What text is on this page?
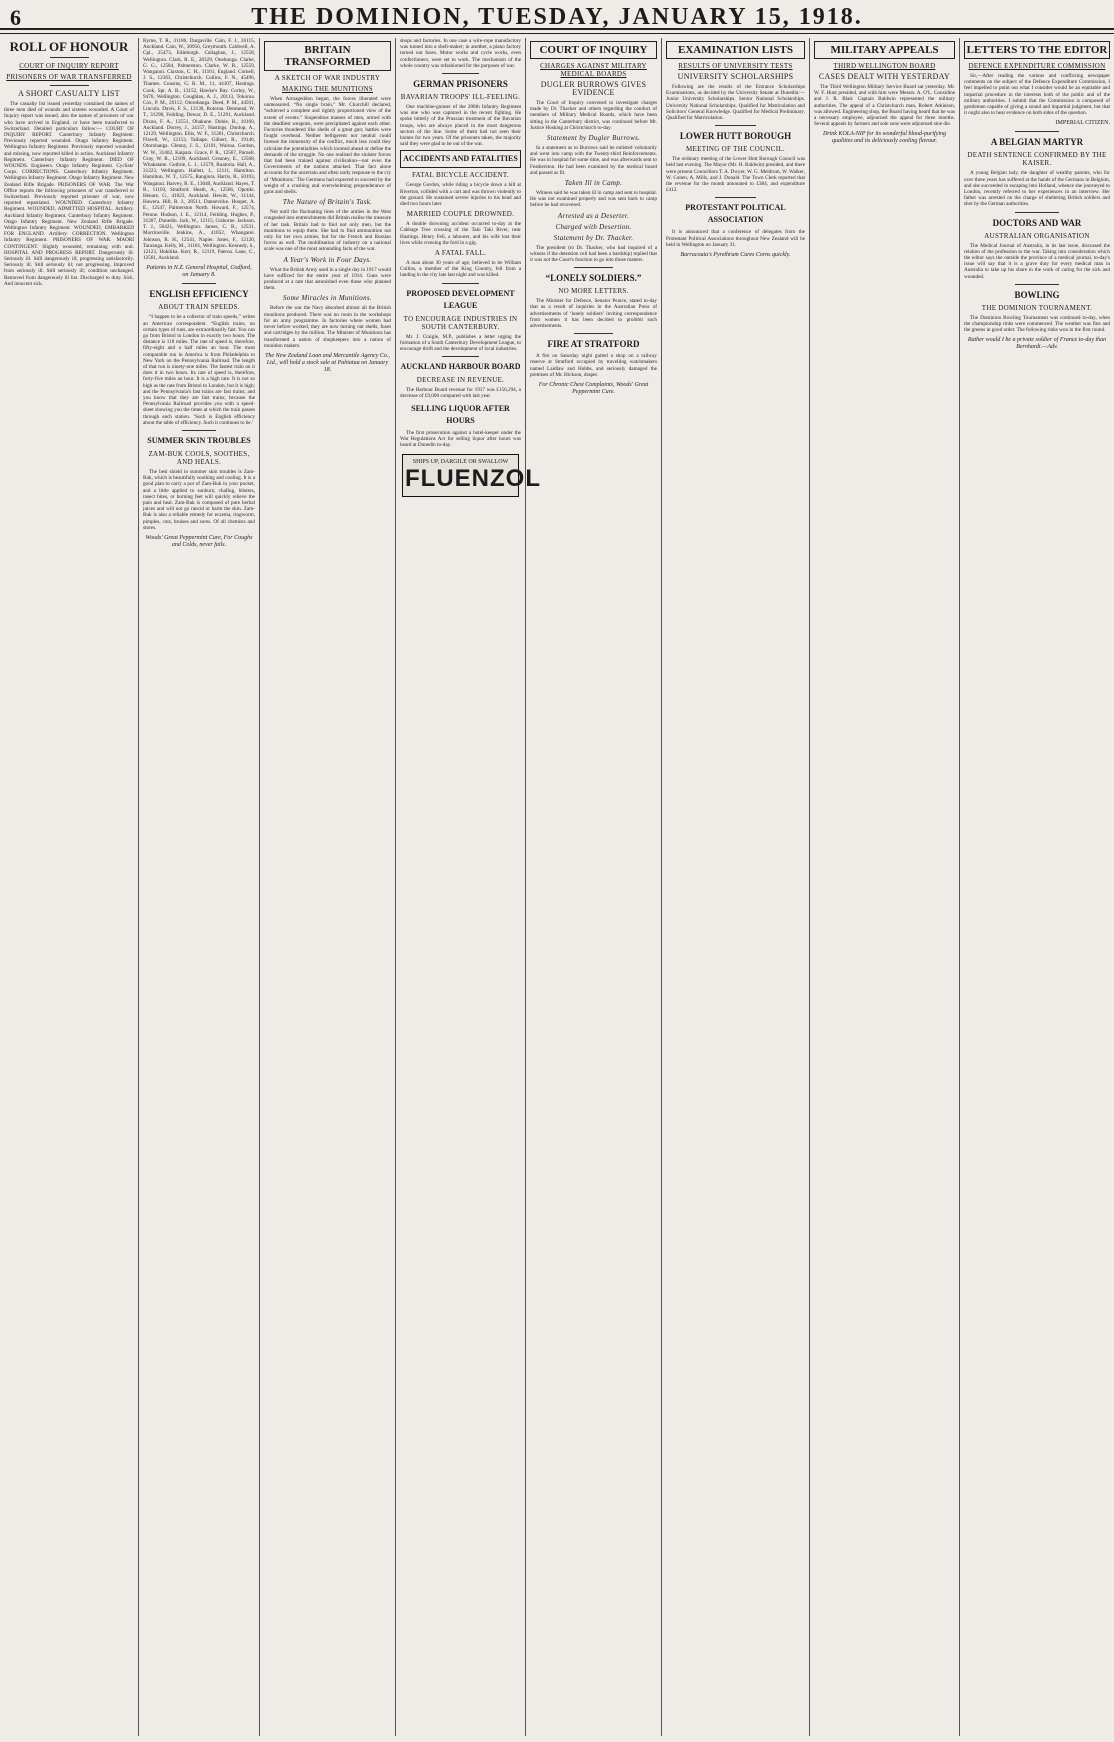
6	THE DOMINION, TUESDAY, JANUARY 15, 1918.
ROLL OF HONOUR
COURT OF INQUIRY REPORT
PRISONERS OF WAR TRANSFERRED
A SHORT CASUALTY LIST

The casualty list issued yesterday contained the names of three men died of wounds and sixteen wounded. A Court of Inquiry report was issued, also the names of prisoners of war who have arrived in England, or have been transferred to Switzerland. Detailed particulars follow:— COURT OF INQUIRY REPORT. Canterbury Infantry Regiment. Previously reported wounded. Otago Infantry Regiment. Wellington Infantry Regiment. Previously reported wounded and missing, now reported killed in action. Auckland Infantry Regiment. Canterbury Infantry Regiment. DIED OF WOUNDS. Engineers. Otago Infantry Regiment. Cyclists' Corps. CORRECTIONS. Canterbury Infantry Regiment. Wellington Infantry Regiment. Otago Infantry Regiment. New Zealand Rifle Brigade. PRISONERS OF WAR. The War Office reports the following prisoners of war transferred to Switzerland. Previously reported prisoner of war, now reported repatriated. WOUNDED. Canterbury Infantry Regiment. WOUNDED, ADMITTED HOSPITAL. Artillery. Auckland Infantry Regiment. Canterbury Infantry Regiment. Otago Infantry Regiment. New Zealand Rifle Brigade. Wellington Infantry Regiment. WOUNDED, EMBARKED FOR ENGLAND. Artillery. CORRECTION. Wellington Infantry Regiment. PRISONERS OF WAR. MAORI CONTINGENT. Slightly wounded, remaining with unit. HOSPITAL AND PROGRESS REPORT. Dangerously ill. Seriously ill. Still dangerously ill; progressing satisfactorily. Seriously ill. Still seriously ill; not progressing. Improved from seriously ill. Still seriously ill; condition unchanged. Removed from dangerously ill list. Discharged to duty. Sick. And innocent sick.

Byrne, T. R., 31186, Dargaville. Cain, F. J., 26115, Auckland. Cain, W., 30956, Greymouth. Caldwell, A. Cpl., 25473, Edinburgh. Callaghan, J., 12558, Wellington. Clark, R. E., 28329, Onehunga. Clarke, G. G., 12584, Palmerston. Clarke, W. R., 12559, Wanganui. Claxton, C. H., 11161, England. Cornell, J. S., 12363, Christchurch. Collins, F. N., 45496, Thames. Cousins, G. R. M., 11, 44107, Hastings. Cook, Spr. A. R., 13152, Hawke's Bay. Corley, W., 9476, Wellington. Coughlan, A. J., 20113, Tokoroa. Cox, P. M., 26112, Otorohanga. Deed, P. M., 44501, Lincoln. Davis, F. S., 12130, Rotorua. Denmead, W. T., 31298, Feilding. Dewar, D. E., 51291, Auckland. Dixon, F. A., 12551, Ohakune. Dobie, R., 10160, Auckland. Dorrey, J., 24157, Hastings. Dunlop, A., 12129, Wellington. Ellis, W. F., 31201, Christchurch. Flavell, W., 12153, Taihape. Gilbert, R., 19146, Otorohanga. Glenny, J. S., 12101, Wairoa. Gordon, W. W., 31402, Kaipara. Grace, P. R., 12567, Parnell. Gray, W. R., 12109, Auckland. Greaney, E., 12568, Whakatane. Guthrie, L. J., 12579, Ruatoria. Hall, A., 31223, Wellington. Hallett, J., 12111, Hamilton. Hamilton, W. T., 12575, Rangiora. Harris, R., 50193, Wanganui. Harvey, R. E., 13040, Auckland. Hayes, T. R., 11103, Stratford. Heath, A., 12566, Opotiki. Henare, G., 41023, Auckland. Hewitt, W., 31144, Hawera. Hill, R. J., 28511, Dannevirke. Hooper, A. E., 12547, Palmerston North. Howard, F., 12574, Petone. Hudson, J. E., 12114, Feilding. Hughes, P., 31207, Dunedin. Jack, W., 12115, Gisborne. Jackson, T. J., 50421, Wellington. James, C. B., 12531, Morrinsville. Jenkins, A., 41052, Whangarei. Johnson, R. H., 12541, Napier. Jones, F., 12120, Tauranga. Kelly, M., 31181, Wellington. Kennedy, S., 12123, Hokitika. Kerr, R., 12119, Paeroa. Lane, C., 12561, Auckland.

Patients in N.Z. General Hospital, Codford, on January 8.

ENGLISH EFFICIENCY
ABOUT TRAIN SPEEDS.

“I happen to be a collector of train speeds,” writes an American correspondent. “English trains, on certain types of runs, are extraordinarily fast. You can go from Bristol to London in exactly two hours. The distance is 118 miles. The rate of speed is, therefore, fifty-eight and a half miles an hour. The most comparable run in America is from Philadelphia to New York on the Pennsylvania Railroad. The length of that run is ninety-one miles. The fastest train on it does it in two hours. Its rate of speed is, therefore, forty-five miles an hour. It is a high rate. It is not so high as the rate from Bristol to London, but it is high; and the Pennsylvania's fast trains are fast trains; and you know that they are fast trains; because the Pennsylvania Railroad provides you with a speed-sheet showing you the times at which the train passes through each station. ‘Such is English efficiency about the table of efficiency. Such it continues to be.’

SUMMER SKIN TROUBLES
ZAM-BUK COOLS, SOOTHES, AND HEALS.

The best shield in summer skin troubles is Zam-Buk, which is beautifully soothing and cooling. It is a good plan to carry a pot of Zam-Buk in your pocket, and a little applied to sunburn, chafing, blisters, insect bites, or burning feet will quickly relieve the pain and heal. Zam-Buk is composed of pure herbal juices and will not go rancid or harm the skin. Zam-Buk is also a reliable remedy for eczema, ringworm, pimples, cuts, bruises and sores. Of all chemists and stores.

Woods' Great Peppermint Cure, For Coughs and Colds, never fails.

BRITAIN TRANSFORMED
A SKETCH OF WAR INDUSTRY
MAKING THE MUNITIONS

When Armageddon began, the forces liberated were unmeasured. “No single brain,” Mr. Churchill declared, “achieved a complete and rightly proportioned view of the extent of events.” Stupendous masses of men, armed with the deadliest weapons, were precipitated against each other. Factories thundered like shells of a great gun; battles were fought overhead. Neither belligerent nor neutral could foresee the immensity of the conflict, much less could they calculate the potentialities which loomed ahead or define the demands of the struggle. No one realised the sinister forces that had been trained against civilisation—not even the Governments of the nations attacked. That fact alone accounts for the uncertain and often tardy response to the cry of ‘Munitions.’ The Germans had expected to succeed by the weight of a crushing and overwhelming preponderance of guns and shells.

The Nature of Britain's Task.

Not until the fluctuating lines of the armies in the West congealed into entrenchments did Britain realise the measure of her task. Britain had to find not only men, but the munitions to equip them. She had to find ammunition not only for her own armies, but for the French and Russian forces as well. The mobilisation of industry on a national scale was one of the most astounding facts of the war.

A Year's Work in Four Days.

What the British Army used in a single day in 1917 would have sufficed for the entire year of 1914. Guns were produced at a rate that astonished even those who planned them.

Some Miracles in Munitions.

Before the war the Navy absorbed almost all the British munitions produced. There was no room in the workshops for an army programme. In factories where women had never before worked, they are now turning out shells, fuses and cartridges by the million. The Minister of Munitions has transformed a nation of shopkeepers into a nation of munition makers.

The New Zealand Loan and Mercantile Agency Co., Ltd., will hold a stock sale at Pahiatua on January 18.

shops and factories. In one case a wire-rope manufactory was turned into a shell-maker; in another, a piano factory turned out fuses. Motor works and cycle works, even confectioners, were set to work. The mechanism of the whole country was refashioned for the purposes of war.

GERMAN PRISONERS
BAVARIAN TROOPS' ILL-FEELING.

One machine-gunner of the 200th Infantry Regiment was one who was captured in the recent fighting. He spoke bitterly of the Prussian treatment of the Bavarian troops, who are always placed in the most dangerous sectors of the line. Some of them had not seen their homes for two years. Of the prisoners taken, the majority said they were glad to be out of the war.

ACCIDENTS AND FATALITIES
FATAL BICYCLE ACCIDENT.

George Gordon, while riding a bicycle down a hill at Riverton, collided with a cart and was thrown violently to the ground. He sustained severe injuries to his head and died two hours later.

MARRIED COUPLE DROWNED.

A double drowning accident occurred to-day at the Cabbage Tree crossing of the Taki Taki River, near Hastings. Henry Fell, a labourer, and his wife lost their lives while crossing the ford in a gig.

A FATAL FALL.

A man about 30 years of age, believed to be William Collins, a member of the King Country, fell from a landing in the city late last night and was killed.

PROPOSED DEVELOPMENT LEAGUE
TO ENCOURAGE INDUSTRIES IN SOUTH CANTERBURY.

Mr. J. Craigie, M.P., publishes a letter urging the formation of a South Canterbury Development League, to encourage thrift and the development of local industries.

AUCKLAND HARBOUR BOARD
DECREASE IN REVENUE.

The Harbour Board revenue for 1917 was £156,294, a decrease of £9,000 compared with last year.

SELLING LIQUOR AFTER HOURS

The first prosecution against a hotel-keeper under the War Regulations Act for selling liquor after hours was heard at Dunedin to-day.

SHIPS UP, DARGILE OR SWALLOW
FLUENZOL
COURT OF INQUIRY
CHARGES AGAINST MILITARY MEDICAL BOARDS
DUGLER BURROWS GIVES EVIDENCE

The Court of Inquiry convened to investigate charges made by Dr. Thacker and others regarding the conduct of members of Military Medical Boards, which have been sitting in the Canterbury district, was continued before Mr. Justice Hosking at Christchurch to-day.

Statement by Dugler Burrows.

In a statement as to Burrows said he enlisted voluntarily and went into camp with the Twenty-third Reinforcements. He was in hospital for some time, and was afterwards sent to Featherston. He had been examined by the medical board and passed as fit.

Taken Ill in Camp.

Witness said he was taken ill in camp and sent to hospital. He was not examined properly and was sent back to camp before he had recovered.

Arrested as a Deserter.
Charged with Desertion.
Statement by Dr. Thacker.

The president (to Dr. Thacker, who had inquired of a witness if the detention cell had been a hardship) replied that it was not the Court's function to go into those matters.

“LONELY SOLDIERS.”
NO MORE LETTERS.

The Minister for Defence, Senator Pearce, stated to-day that as a result of inquiries in the Australian Press of advertisements of ‘lonely soldiers’ inviting correspondence from women it has been decided to prohibit such advertisements.

FIRE AT STRATFORD

A fire on Saturday night gutted a shop on a railway reserve at Stratford occupied by travelling watchmakers named Laidlaw and Hobbs, and seriously damaged the premises of Mr. Hickson, draper.

For Chronic Chest Complaints, Woods' Great Peppermint Cure.

EXAMINATION LISTS
RESULTS OF UNIVERSITY TESTS
UNIVERSITY SCHOLARSHIPS

Following are the results of the Entrance Scholarships Examinations, as decided by the University Senate at Dunedin:— Junior University Scholarships. Senior National Scholarships. University National Scholarships. Qualified for Matriculation and Solicitors' General Knowledge. Qualified for Medical Preliminary. Qualified for Matriculation.

LOWER HUTT BOROUGH
MEETING OF THE COUNCIL.

The ordinary meeting of the Lower Hutt Borough Council was held last evening. The Mayor (Mr. H. Baldwin) presided, and there were present Councillors T. A. Dwyer, W. G. Meldrum, W. Walker, W. Cohen, A. Mills, and J. Donald. The Town Clerk reported that the revenue for the month amounted to £384, and expenditure £412.

PROTESTANT POLITICAL ASSOCIATION

It is announced that a conference of delegates from the Protestant Political Associations throughout New Zealand will be held in Wellington on January 31.

Barracouta's Pyrethrum Cures Corns quickly.

MILITARY APPEALS
THIRD WELLINGTON BOARD
CASES DEALT WITH YESTERDAY

The Third Wellington Military Service Board sat yesterday. Mr. W. F. Hunt presided, and with him were Messrs. A. O'L. Considine and J. R. Blair. Captain Baldwin represented the military authorities. The appeal of a Christchurch man, Robert Atkinson, was allowed. Engineering shop, the Board having heard that he was a necessary employee, adjourned the appeal for three months. Several appeals by farmers and sole sons were adjourned sine die.

Drink KOLA-NIP for its wonderful blood-purifying qualities and its deliciously cooling flavour.

LETTERS TO THE EDITOR
DEFENCE EXPENDITURE COMMISSION

Sir,—After reading the various and conflicting newspaper comments on the subject of the Defence Expenditure Commission, I feel impelled to point out what I consider would be an equitable and impartial procedure in the interests both of the public and of the military authorities. I submit that the Commission is composed of gentlemen capable of giving a sound and impartial judgment, but that it ought also to hear evidence on both sides of the question.

IMPERIAL CITIZEN.

A BELGIAN MARTYR
DEATH SENTENCE CONFIRMED BY THE KAISER.

A young Belgian lady, the daughter of wealthy parents, who for over three years has suffered at the hands of the Germans in Belgium, and she succeeded in escaping into Holland, whence she journeyed to London, recently referred to her experiences in an interview. Her father was arrested on the charge of sheltering British soldiers and shot by the German authorities.

DOCTORS AND WAR
AUSTRALIAN ORGANISATION

The Medical Journal of Australia, in its last issue, discussed the relation of the profession to the war. Taking into consideration which the editor says the outside the province of a medical journal, to-day's issue will say that it is a grave duty for every medical man in Australia to take up his share in the work of caring for the sick and wounded.

BOWLING
THE DOMINION TOURNAMENT.

The Dominion Bowling Tournament was continued to-day, when the championship rinks were commenced. The weather was fine and the greens in good order. The following rinks won in the first round.

Rather would I be a private soldier of France to-day than Bernhardi.—Adv.
